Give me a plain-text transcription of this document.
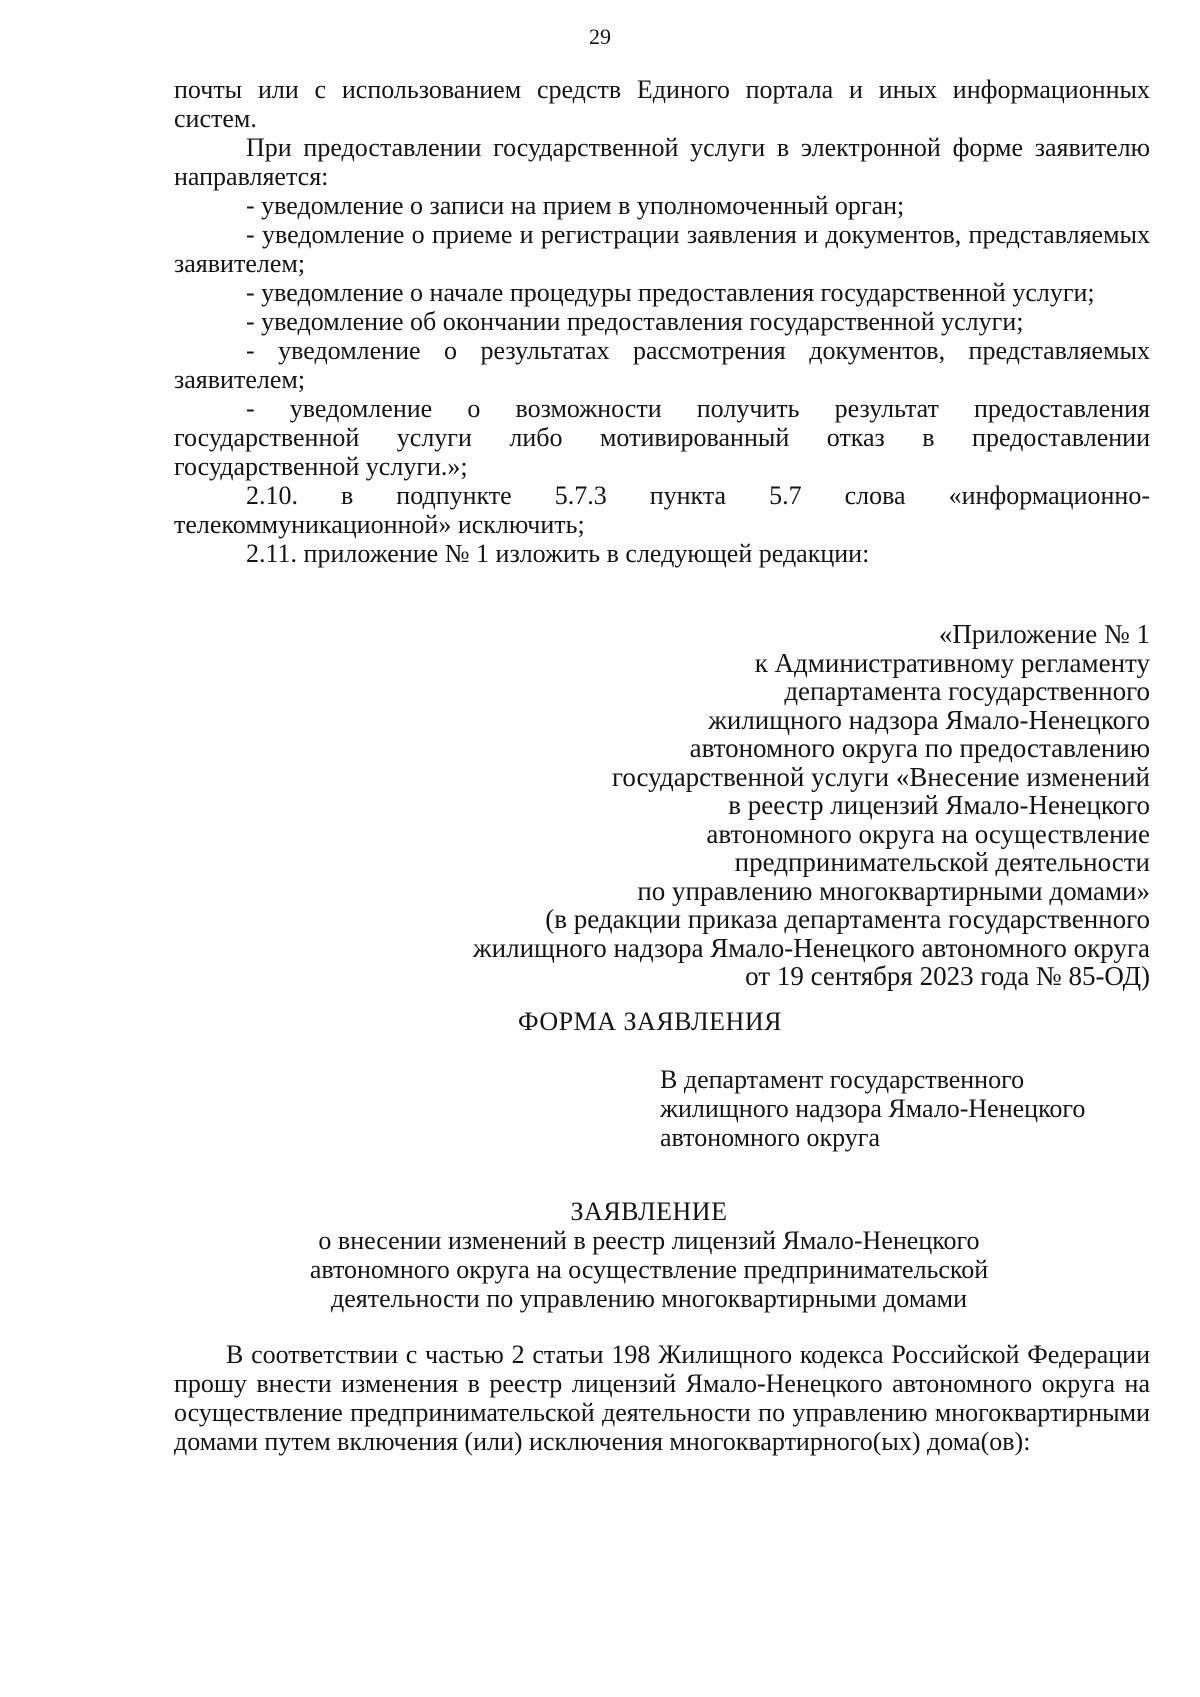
29

почты или с использованием средств Единого портала и иных информационных систем.

При предоставлении государственной услуги в электронной форме заявителю направляется:

- уведомление о записи на прием в уполномоченный орган;

- уведомление о приеме и регистрации заявления и документов, представляемых заявителем;

- уведомление о начале процедуры предоставления государственной услуги;

- уведомление об окончании предоставления государственной услуги;

- уведомление о результатах рассмотрения документов, представляемых заявителем;

- уведомление о возможности получить результат предоставления государственной услуги либо мотивированный отказ в предоставлении государственной услуги.»;

2.10. в подпункте 5.7.3 пункта 5.7 слова «информационно-телекоммуникационной» исключить;

2.11. приложение № 1 изложить в следующей редакции:

«Приложение № 1
к Административному регламенту
департамента государственного
жилищного надзора Ямало-Ненецкого
автономного округа по предоставлению
государственной услуги «Внесение изменений
в реестр лицензий Ямало-Ненецкого
автономного округа на осуществление
предпринимательской деятельности
по управлению многоквартирными домами»
(в редакции приказа департамента государственного
жилищного надзора Ямало-Ненецкого автономного округа
от 19 сентября 2023 года № 85-ОД)
ФОРМА ЗАЯВЛЕНИЯ
В департамент государственного
жилищного надзора Ямало-Ненецкого
автономного округа
ЗАЯВЛЕНИЕ
о внесении изменений в реестр лицензий Ямало-Ненецкого
автономного округа на осуществление предпринимательской
деятельности по управлению многоквартирными домами

В соответствии с частью 2 статьи 198 Жилищного кодекса Российской Федерации прошу внести изменения в реестр лицензий Ямало-Ненецкого автономного округа на осуществление предпринимательской деятельности по управлению многоквартирными домами путем включения (или) исключения многоквартирного(ых) дома(ов):
